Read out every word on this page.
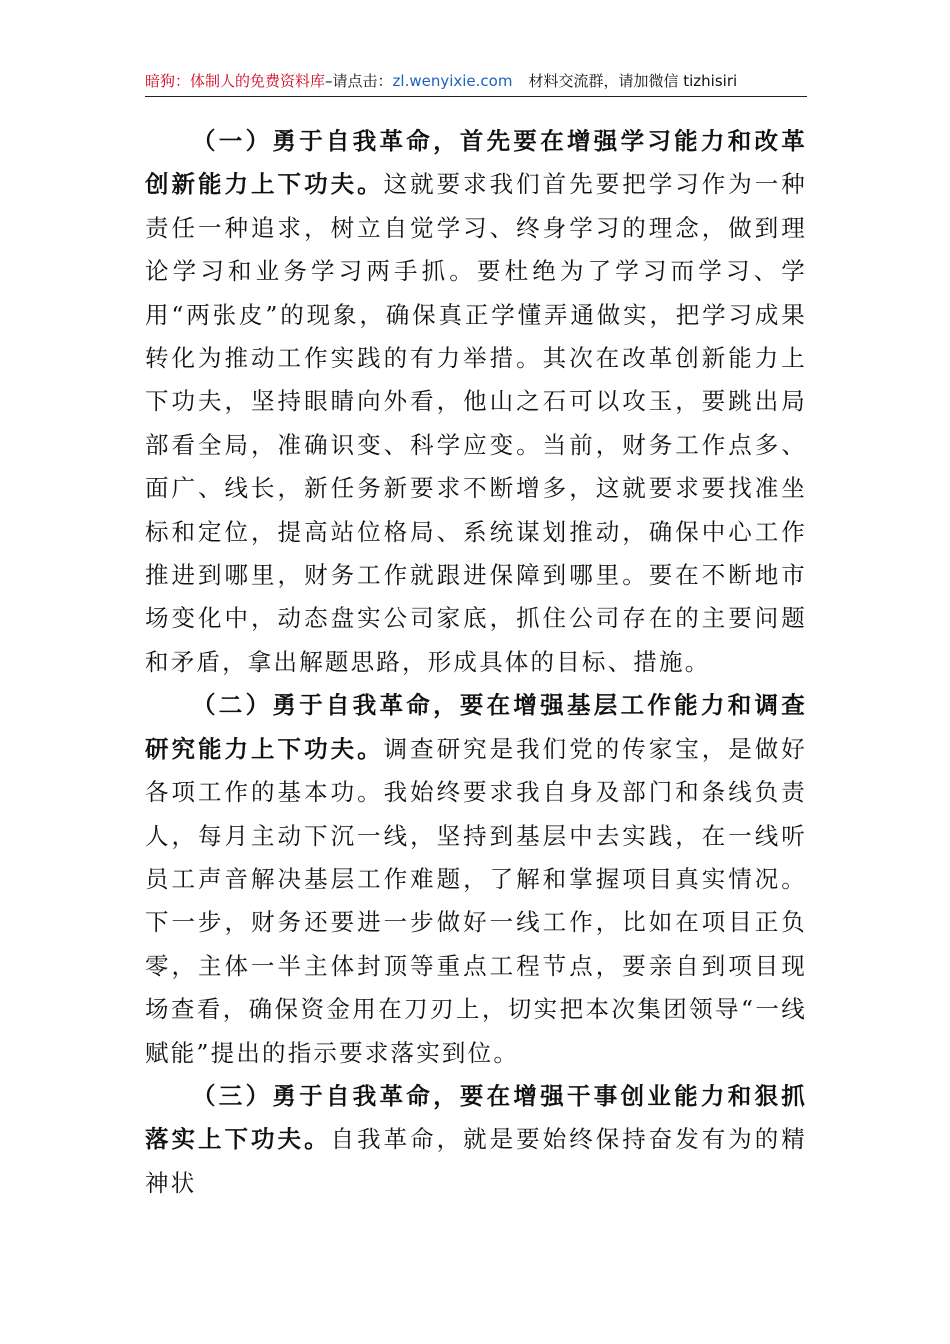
暗狗：体制人的免费资料库–请点击：zl.wenyixie.com 材料交流群，请加微信 tizhisiri

（一）勇于自我革命，首先要在增强学习能力和改革创新能力上下功夫。这就要求我们首先要把学习作为一种责任一种追求，树立自觉学习、终身学习的理念，做到理论学习和业务学习两手抓。要杜绝为了学习而学习、学用“两张皮”的现象，确保真正学懂弄通做实，把学习成果转化为推动工作实践的有力举措。其次在改革创新能力上下功夫，坚持眼睛向外看，他山之石可以攻玉，要跳出局部看全局，准确识变、科学应变。当前，财务工作点多、面广、线长，新任务新要求不断增多，这就要求要找准坐标和定位，提高站位格局、系统谋划推动，确保中心工作推进到哪里，财务工作就跟进保障到哪里。要在不断地市场变化中，动态盘实公司家底，抓住公司存在的主要问题和矛盾，拿出解题思路，形成具体的目标、措施。

（二）勇于自我革命，要在增强基层工作能力和调查研究能力上下功夫。调查研究是我们党的传家宝，是做好各项工作的基本功。我始终要求我自身及部门和条线负责人，每月主动下沉一线，坚持到基层中去实践，在一线听员工声音解决基层工作难题，了解和掌握项目真实情况。下一步，财务还要进一步做好一线工作，比如在项目正负零，主体一半主体封顶等重点工程节点，要亲自到项目现场查看，确保资金用在刀刃上，切实把本次集团领导“一线赋能”提出的指示要求落实到位。

（三）勇于自我革命，要在增强干事创业能力和狠抓落实上下功夫。自我革命，就是要始终保持奋发有为的精神状
